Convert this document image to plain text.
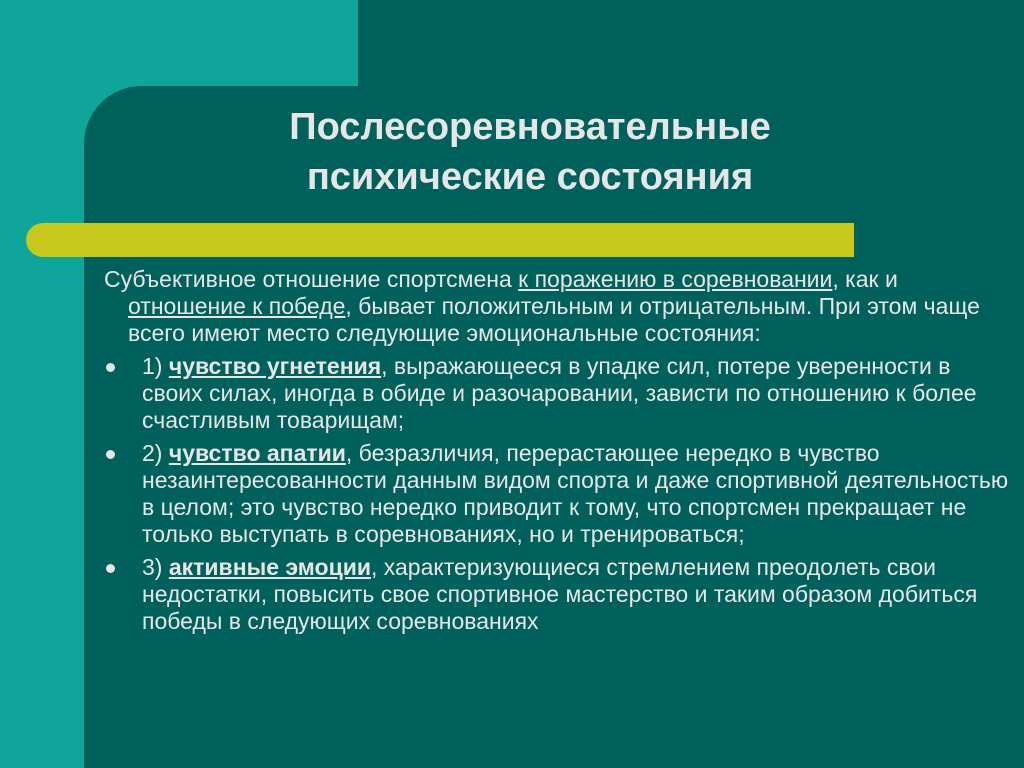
Послесоревновательные
психические состояния

Субъективное отношение спортсмена к поражению в соревновании, как и отношение к победе, бывает положительным и отрицательным. При этом чаще всего имеют место следующие эмоциональные состояния:

1) чувство угнетения, выражающееся в упадке сил, потере уверенности в своих силах, иногда в обиде и разочаровании, зависти по отношению к более счастливым товарищам;
2) чувство апатии, безразличия, перерастающее нередко в чувство незаинтересованности данным видом спорта и даже спортивной деятельностью в целом; это чувство нередко приводит к тому, что спортсмен прекращает не только выступать в соревнованиях, но и тренироваться;
3) активные эмоции, характеризующиеся стремлением преодолеть свои недостатки, повысить свое спортивное мастерство и таким образом добиться победы в следующих соревнованиях
